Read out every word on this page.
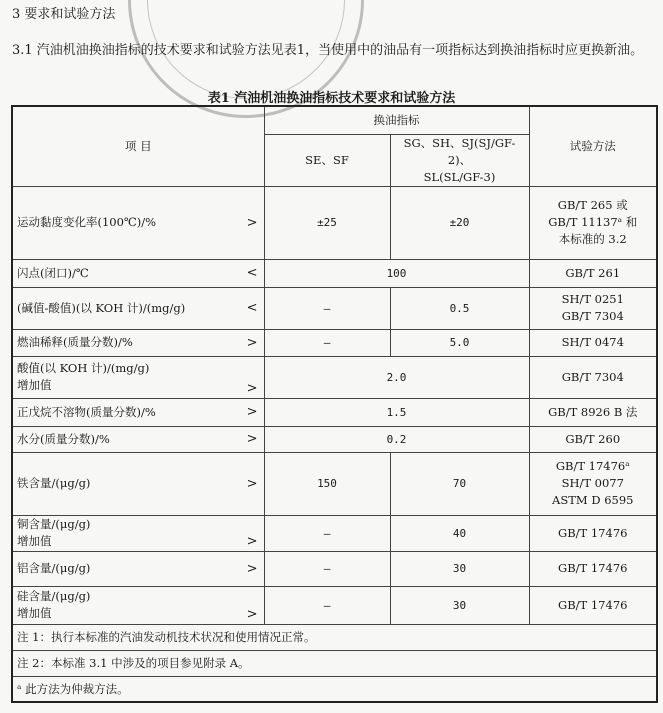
3 要求和试验方法
3.1 汽油机油换油指标的技术要求和试验方法见表1，当使用中的油品有一项指标达到换油指标时应更换新油。
表1 汽油机油换油指标技术要求和试验方法
项 目	换油指标		试验方法
	SE、SF	SG、SH、SJ(SJ/GF-2)、
SL(SL/GF-3)	

运动黏度变化率(100℃)/% >	±25	±20	GB/T 265 或
GB/T 11137ᵃ 和
本标准的 3.2

闪点(闭口)/℃ <	100		GB/T 261

(碱值-酸值)(以 KOH 计)/(mg/g) <	—	0.5	SH/T 0251
GB/T 7304

燃油稀释(质量分数)/% >	—	5.0	SH/T 0474

酸值(以 KOH 计)/(mg/g)
增加值 >	2.0		GB/T 7304

正戊烷不溶物(质量分数)/% >	1.5		GB/T 8926 B 法

水分(质量分数)/% >	0.2		GB/T 260

铁含量/(μg/g) >	150	70	GB/T 17476ᵃ
SH/T 0077
ASTM D 6595

铜含量/(μg/g)
增加值 >	—	40	GB/T 17476

铝含量/(μg/g) >	—	30	GB/T 17476

硅含量/(μg/g)
增加值 >	—	30	GB/T 17476

注 1：执行本标准的汽油发动机技术状况和使用情况正常。			
注 2：本标准 3.1 中涉及的项目参见附录 A。			
ᵃ 此方法为仲裁方法。			
